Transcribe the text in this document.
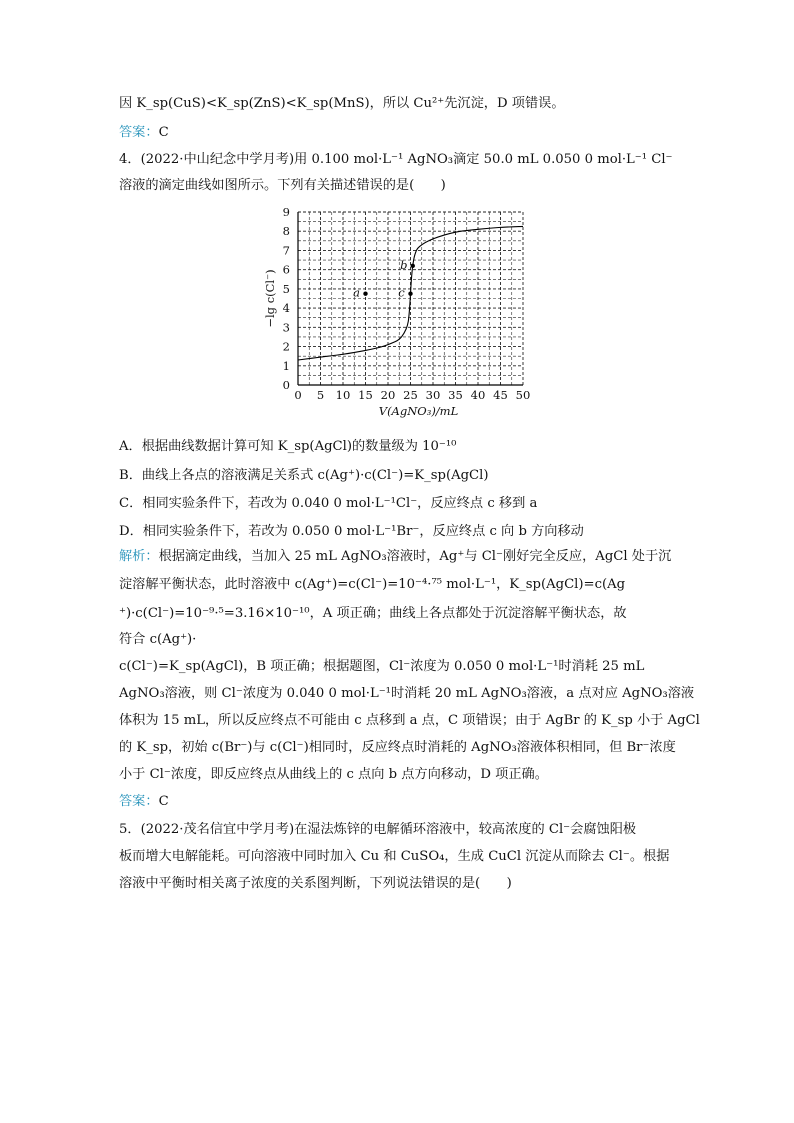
因 K_sp(CuS)<K_sp(ZnS)<K_sp(MnS)，所以 Cu²⁺先沉淀，D 项错误。
答案：C
4．(2022·中山纪念中学月考)用 0.100 mol·L⁻¹ AgNO₃滴定 50.0 mL 0.050 0 mol·L⁻¹ Cl⁻
溶液的滴定曲线如图所示。下列有关描述错误的是(　　)
0 5 10 15 20 25 30 35 40 45 50
0
1
2
3
4
5
6
7
8
9
V(AgNO₃)/mL
−lg c(Cl⁻)	a
b
c
A．根据曲线数据计算可知 K_sp(AgCl)的数量级为 10⁻¹⁰
B．曲线上各点的溶液满足关系式 c(Ag⁺)·c(Cl⁻)=K_sp(AgCl)
C．相同实验条件下，若改为 0.040 0 mol·L⁻¹Cl⁻，反应终点 c 移到 a
D．相同实验条件下，若改为 0.050 0 mol·L⁻¹Br⁻，反应终点 c 向 b 方向移动
解析：根据滴定曲线，当加入 25 mL AgNO₃溶液时，Ag⁺与 Cl⁻刚好完全反应，AgCl 处于沉
淀溶解平衡状态，此时溶液中 c(Ag⁺)=c(Cl⁻)=10⁻⁴·⁷⁵ mol·L⁻¹，K_sp(AgCl)=c(Ag
⁺)·c(Cl⁻)=10⁻⁹·⁵=3.16×10⁻¹⁰，A 项正确；曲线上各点都处于沉淀溶解平衡状态，故
符合 c(Ag⁺)·
c(Cl⁻)=K_sp(AgCl)，B 项正确；根据题图，Cl⁻浓度为 0.050 0 mol·L⁻¹时消耗 25 mL
AgNO₃溶液，则 Cl⁻浓度为 0.040 0 mol·L⁻¹时消耗 20 mL AgNO₃溶液，a 点对应 AgNO₃溶液
体积为 15 mL，所以反应终点不可能由 c 点移到 a 点，C 项错误；由于 AgBr 的 K_sp 小于 AgCl
的 K_sp，初始 c(Br⁻)与 c(Cl⁻)相同时，反应终点时消耗的 AgNO₃溶液体积相同，但 Br⁻浓度
小于 Cl⁻浓度，即反应终点从曲线上的 c 点向 b 点方向移动，D 项正确。
答案：C
5．(2022·茂名信宜中学月考)在湿法炼锌的电解循环溶液中，较高浓度的 Cl⁻会腐蚀阳极
板而增大电解能耗。可向溶液中同时加入 Cu 和 CuSO₄，生成 CuCl 沉淀从而除去 Cl⁻。根据
溶液中平衡时相关离子浓度的关系图判断，下列说法错误的是(　　)
